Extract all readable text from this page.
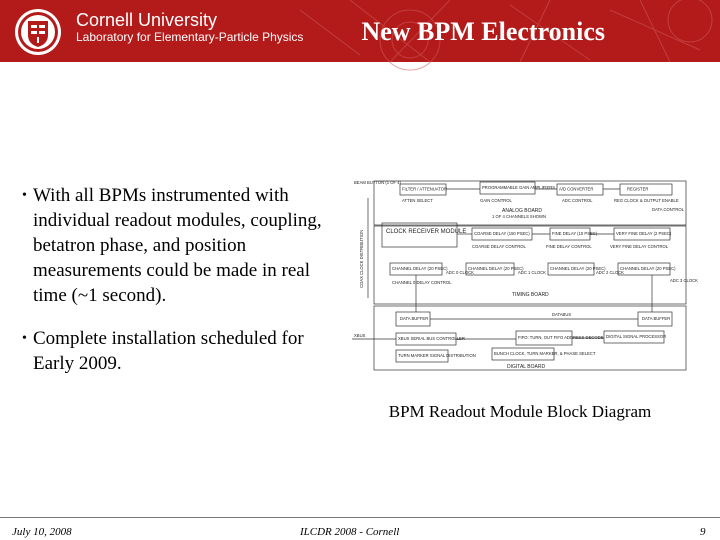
Cornell University
Laboratory for Elementary-Particle Physics	New BPM Electronics
• With all BPMs instrumented with individual readout modules, coupling, betatron phase, and position measurements could be made in real time (~1 second).
• Complete installation scheduled for Early 2009.
BEAM BUTTON (1 OF 4)
FILTER / ATTENUATOR	PROGRAMMABLE GAIN AMPLIFIERS A/D CONVERTER	REGISTER
ATTEN SELECT	GAIN CONTROL	ADC CONTROL	REG CLOCK & OUTPUT ENABLE
DATA CONTROL
ANALOG BOARD
1 OF 4 CHANNELS SHOWN
CLOCK RECEIVER MODULE COARSE DELAY (150 PSEC)
COARSE DELAY CONTROL
FINE DELAY (10 PSEC)
FINE DELAY CONTROL
VERY FINE DELAY (2 PSEC)
VERY FINE DELAY CONTROL
CHANNEL DELAY (20 PSEC)	CHANNEL DELAY (20 PSEC)	CHANNEL DELAY (20 PSEC)	CHANNEL DELAY (20 PSEC)
ADC 0 CLOCK	ADC 1 CLOCK	ADC 2 CLOCK
ADC 3 CLOCK
CHANNEL 0 DELAY CONTROL
TIMING BOARD
DATA BUFFER	DATA BUFFER
DATABUS
XBUS
XBUS SERIAL BUS CONTROLLER	FIFO: TURN, OUT FIFO ADDRESS DECODE DIGITAL SIGNAL PROCESSOR
TURN MARKER SIGNAL DISTRIBUTION	BUNCH CLOCK, TURN MARKER, & PHASE SELECT
DIGITAL BOARD
COAX CLOCK DISTRIBUTION
BPM Readout Module Block Diagram
July 10, 2008	ILCDR 2008 - Cornell	9
